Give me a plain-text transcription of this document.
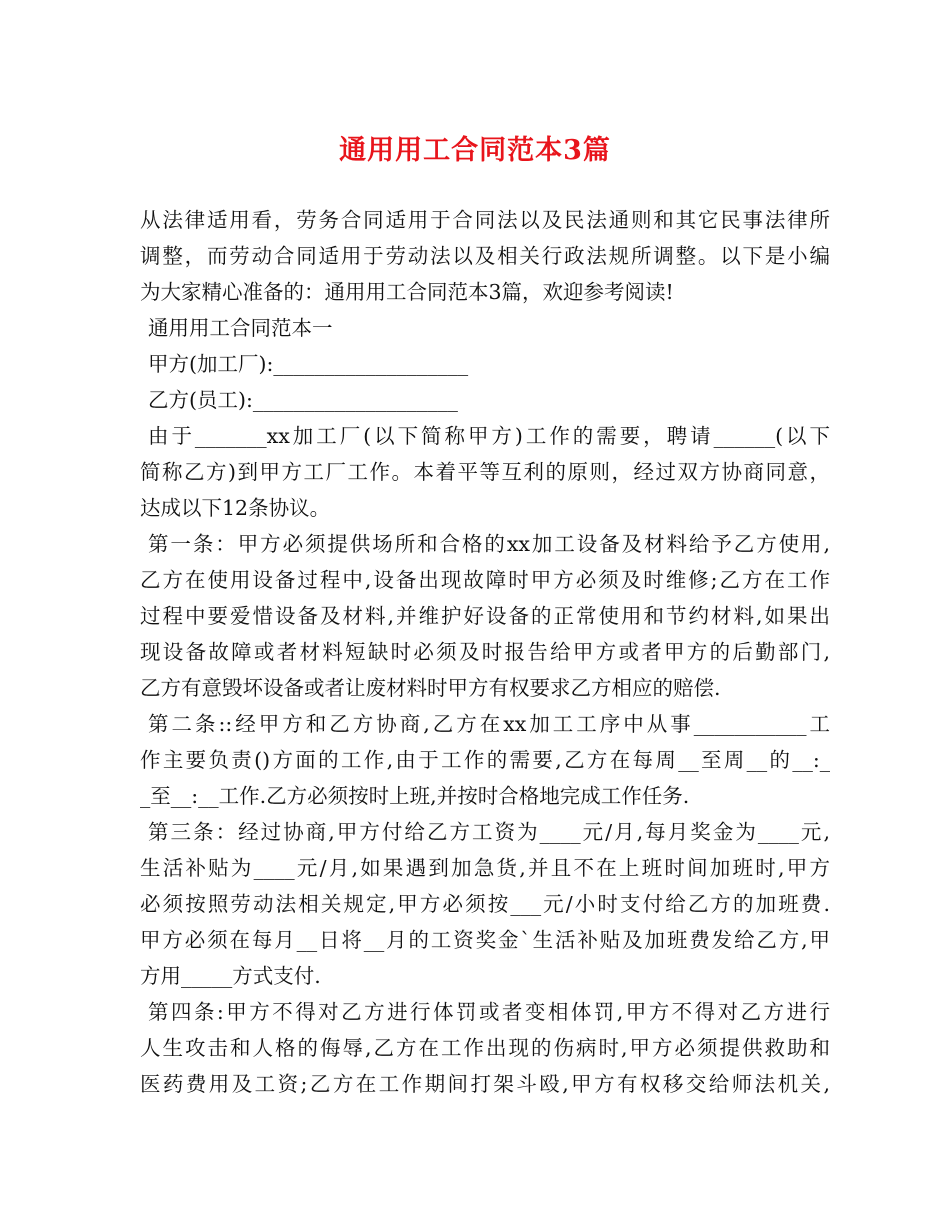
通用用工合同范本3篇
从法律适用看，劳务合同适用于合同法以及民法通则和其它民事法律所
调整，而劳动合同适用于劳动法以及相关行政法规所调整。以下是小编
为大家精心准备的：通用用工合同范本3篇，欢迎参考阅读!
通用用工合同范本一
甲方(加工厂):___________________
乙方(员工):____________________
由于_______xx加工厂(以下简称甲方)工作的需要，聘请______(以下
简称乙方)到甲方工厂工作。本着平等互利的原则，经过双方协商同意，
达成以下12条协议。
第一条：甲方必须提供场所和合格的xx加工设备及材料给予乙方使用,
乙方在使用设备过程中,设备出现故障时甲方必须及时维修;乙方在工作
过程中要爱惜设备及材料,并维护好设备的正常使用和节约材料,如果出
现设备故障或者材料短缺时必须及时报告给甲方或者甲方的后勤部门,
乙方有意毁坏设备或者让废材料时甲方有权要求乙方相应的赔偿.
第二条::经甲方和乙方协商,乙方在xx加工工序中从事___________工
作主要负责()方面的工作,由于工作的需要,乙方在每周__至周__的__:_
_至__:__工作.乙方必须按时上班,并按时合格地完成工作任务.
第三条：经过协商,甲方付给乙方工资为____元/月,每月奖金为____元,
生活补贴为____元/月,如果遇到加急货,并且不在上班时间加班时,甲方
必须按照劳动法相关规定,甲方必须按___元/小时支付给乙方的加班费.
甲方必须在每月__日将__月的工资奖金`生活补贴及加班费发给乙方,甲
方用_____方式支付.
第四条:甲方不得对乙方进行体罚或者变相体罚,甲方不得对乙方进行
人生攻击和人格的侮辱,乙方在工作出现的伤病时,甲方必须提供救助和
医药费用及工资;乙方在工作期间打架斗殴,甲方有权移交给师法机关,
